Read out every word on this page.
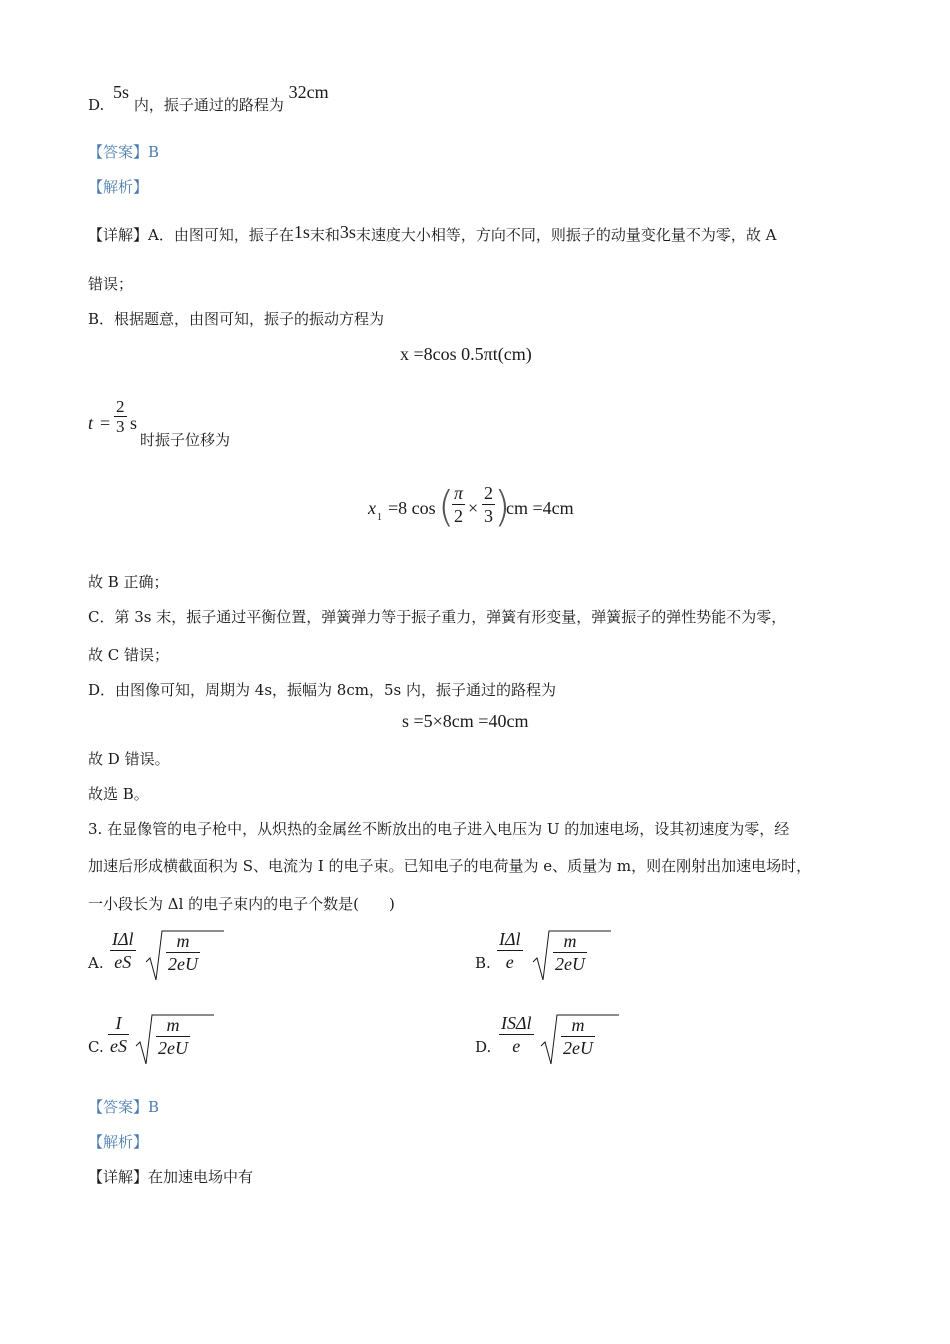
D. 5s 内，振子通过的路程为 32cm
【答案】B
【解析】
【详解】A．由图可知，振子在1s末和3s末速度大小相等，方向不同，则振子的动量变化量不为零，故 A
错误；
B．根据题意，由图可知，振子的振动方程为
x =8cos 0.5πt(cm)
$t = \frac{2}{3}$ s
时振子位移为
x 1 =8 cos (
$\frac{\pi}{2} \times \frac{2}{3}$ )
cm =4cm
故 B 正确；
C．第 3s 末，振子通过平衡位置，弹簧弹力等于振子重力，弹簧有形变量，弹簧振子的弹性势能不为零，
故 C 错误；
D．由图像可知，周期为 4s，振幅为 8cm，5s 内，振子通过的路程为
s =5×8cm =40cm
故 D 错误。
故选 B。
3. 在显像管的电子枪中，从炽热的金属丝不断放出的电子进入电压为 U 的加速电场，设其初速度为零，经
加速后形成横截面积为 S、电流为 I 的电子束。已知电子的电荷量为 e、质量为 m，则在刚射出加速电场时，
一小段长为 Δl 的电子束内的电子个数是(　　)
A.
IΔl
eS $\frac{m}{2eU}$	B.
IΔl
e	$\frac{m}{2eU}$
C. $\frac{I}{eS} \frac{m}{2eU}$	D.
ISΔl
e	$\frac{m}{2eU}$
【答案】B
【解析】
【详解】在加速电场中有
